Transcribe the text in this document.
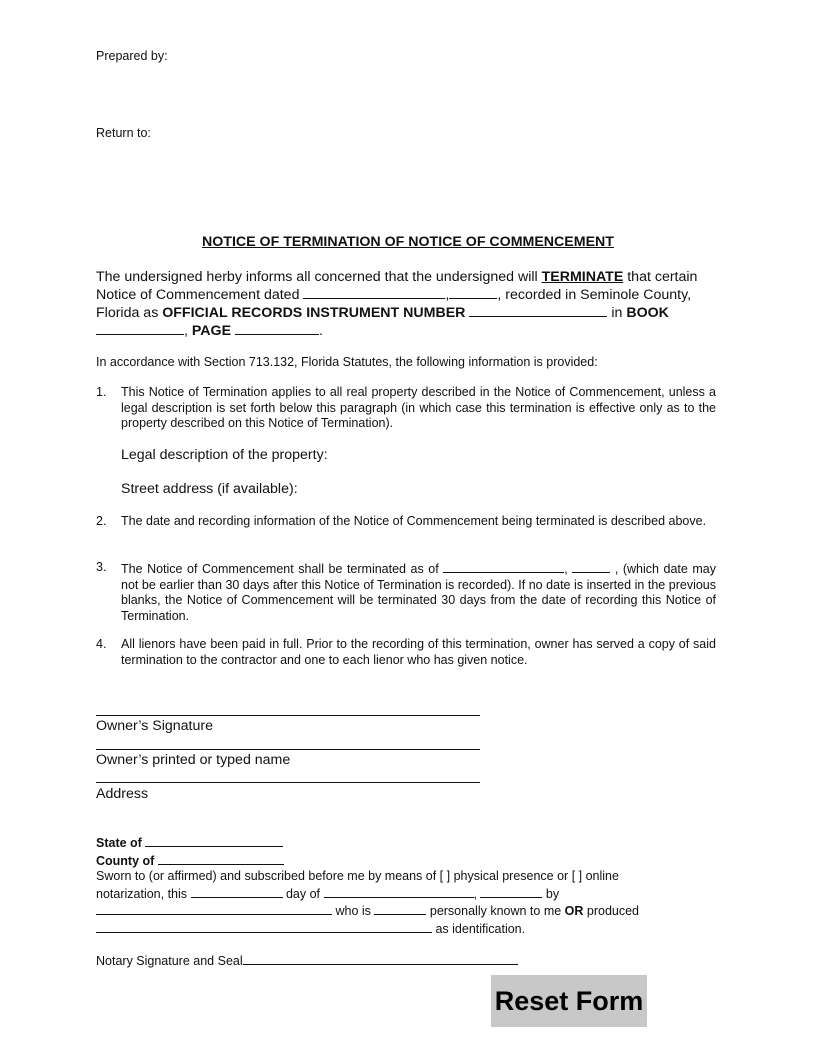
Prepared by:
Return to:
NOTICE OF TERMINATION OF NOTICE OF COMMENCEMENT
The undersigned herby informs all concerned that the undersigned will TERMINATE that certain
Notice of Commencement dated	,	, recorded in Seminole County,
Florida as OFFICIAL RECORDS INSTRUMENT NUMBER	in BOOK
, PAGE	.
In accordance with Section 713.132, Florida Statutes, the following information is provided:
1. This Notice of Termination applies to all real property described in the Notice of Commencement, unless a legal description is set forth below this paragraph (in which case this termination is effective only as to the property described on this Notice of Termination).
Legal description of the property:
Street address (if available):
2. The date and recording information of the Notice of Commencement being terminated is described above.
3. The Notice of Commencement shall be terminated as of	,	, (which date may not be earlier than 30 days after this Notice of Termination is recorded). If no date is inserted in the previous blanks, the Notice of Commencement will be terminated 30 days from the date of recording this Notice of Termination.
4. All lienors have been paid in full. Prior to the recording of this termination, owner has served a copy of said termination to the contractor and one to each lienor who has given notice.
Owner’s Signature
Owner’s printed or typed name
Address
State of
County of
Sworn to (or affirmed) and subscribed before me by means of [ ] physical presence or [ ] online
notarization, this	day of	,	by
who is	personally known to me OR produced
as identification.
Notary Signature and Seal
Reset Form
